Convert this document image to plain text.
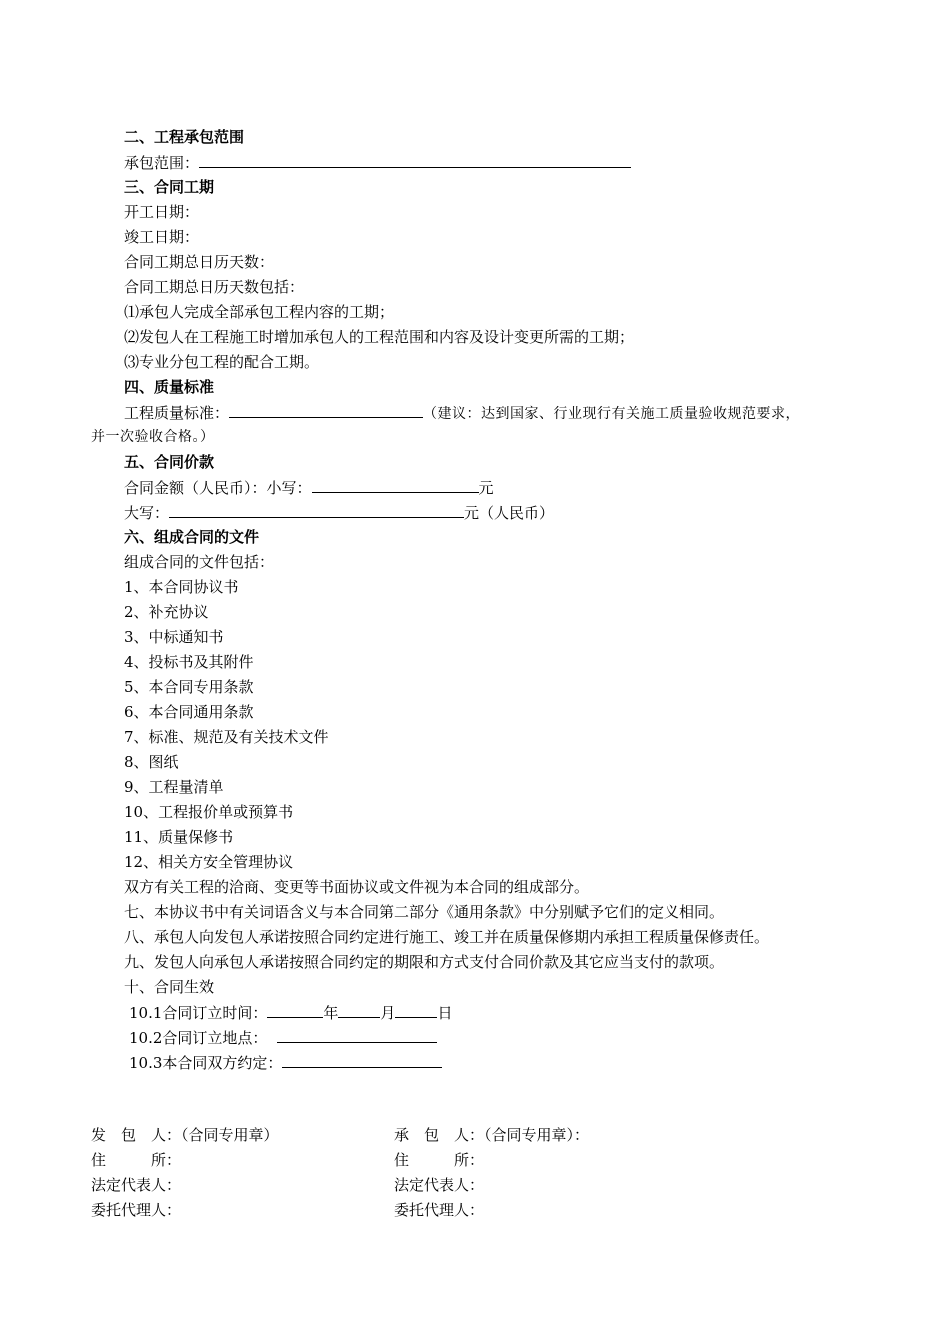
二、工程承包范围
承包范围：
三、合同工期
开工日期：
竣工日期：
合同工期总日历天数：
合同工期总日历天数包括：
⑴承包人完成全部承包工程内容的工期；
⑵发包人在工程施工时增加承包人的工程范围和内容及设计变更所需的工期；
⑶专业分包工程的配合工期。
四、质量标准
工程质量标准：	（建议：达到国家、行业现行有关施工质量验收规范要求，
并一次验收合格。）
五、合同价款
合同金额（人民币）：小写：	元
大写：	元（人民币）
六、组成合同的文件
组成合同的文件包括：
1、本合同协议书
2、补充协议
3、中标通知书
4、投标书及其附件
5、本合同专用条款
6、本合同通用条款
7、标准、规范及有关技术文件
8、图纸
9、工程量清单
10、工程报价单或预算书
11、质量保修书
12、相关方安全管理协议
双方有关工程的洽商、变更等书面协议或文件视为本合同的组成部分。
七、本协议书中有关词语含义与本合同第二部分《通用条款》中分别赋予它们的定义相同。
八、承包人向发包人承诺按照合同约定进行施工、竣工并在质量保修期内承担工程质量保修责任。
九、发包人向承包人承诺按照合同约定的期限和方式支付合同价款及其它应当支付的款项。
十、合同生效
10.1合同订立时间：	年	月	日
10.2合同订立地点：
10.3本合同双方约定：
发　包　人：（合同专用章）	承　包　人：（合同专用章）：
住　　　所：	住　　　所：
法定代表人：	法定代表人：
委托代理人：	委托代理人：
